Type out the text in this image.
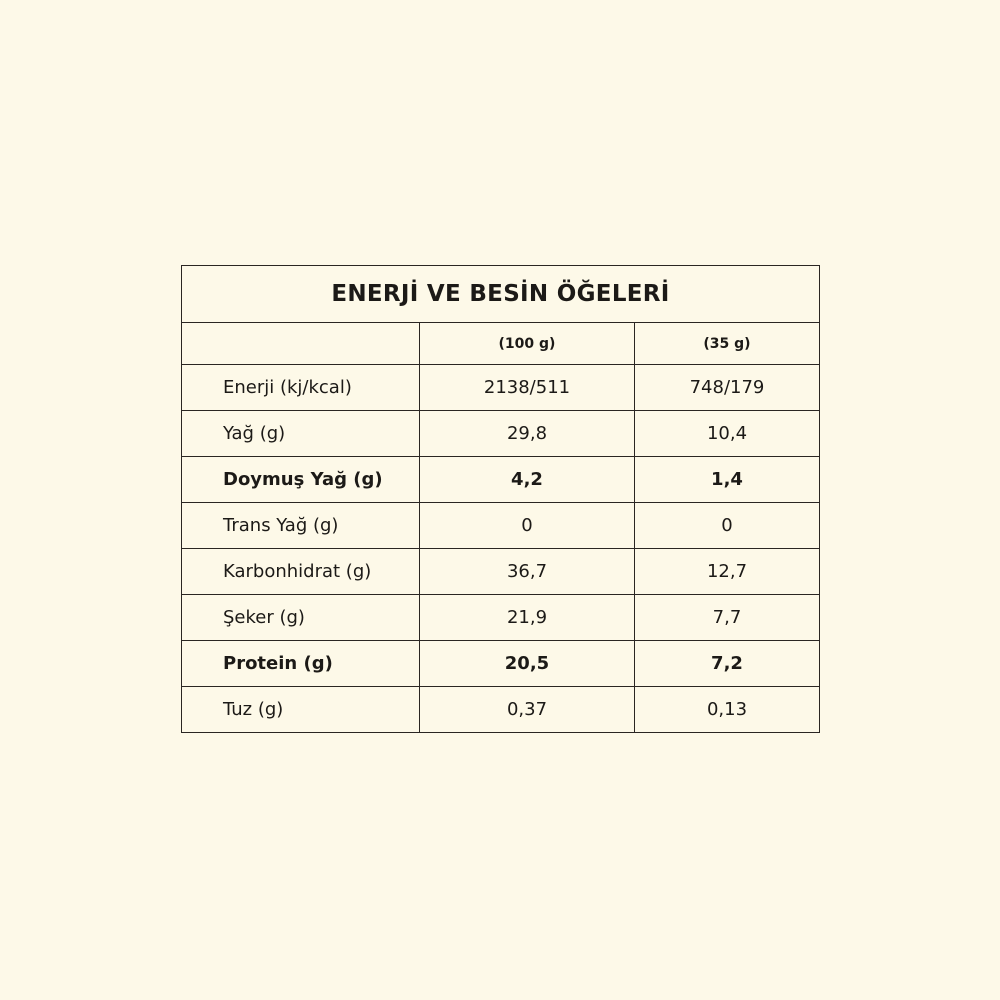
ENERJİ VE BESİN ÖĞELERİ		
	(100 g)	(35 g)
Enerji (kj/kcal)	2138/511	748/179
Yağ (g)	29,8	10,4
Doymuş Yağ (g)	4,2	1,4
Trans Yağ (g)	0	0
Karbonhidrat (g)	36,7	12,7
Şeker (g)	21,9	7,7
Protein (g)	20,5	7,2
Tuz (g)	0,37	0,13
